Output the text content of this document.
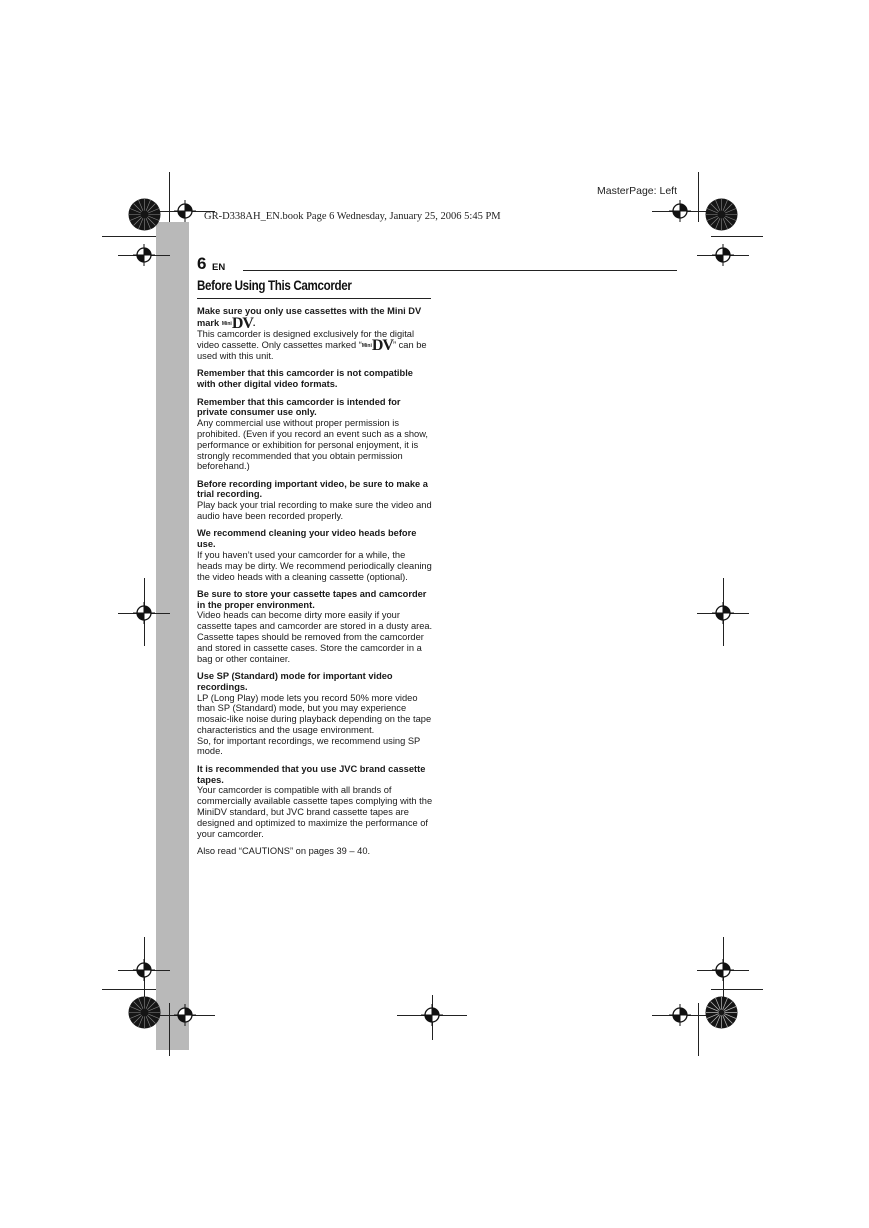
MasterPage: Left
GR-D338AH_EN.book Page 6 Wednesday, January 25, 2006 5:45 PM
6 EN
Before Using This Camcorder
Make sure you only use cassettes with the Mini DV mark $^{Mini}$DV.
This camcorder is designed exclusively for the digital video cassette. Only cassettes marked “$^{Mini}$DV” can be used with this unit.
Remember that this camcorder is not compatible with other digital video formats.
Remember that this camcorder is intended for private consumer use only.
Any commercial use without proper permission is prohibited. (Even if you record an event such as a show, performance or exhibition for personal enjoyment, it is strongly recommended that you obtain permission beforehand.)
Before recording important video, be sure to make a trial recording.
Play back your trial recording to make sure the video and audio have been recorded properly.
We recommend cleaning your video heads before use.
If you haven’t used your camcorder for a while, the heads may be dirty. We recommend periodically cleaning the video heads with a cleaning cassette (optional).
Be sure to store your cassette tapes and camcorder in the proper environment.
Video heads can become dirty more easily if your cassette tapes and camcorder are stored in a dusty area. Cassette tapes should be removed from the camcorder and stored in cassette cases. Store the camcorder in a bag or other container.
Use SP (Standard) mode for important video recordings.
LP (Long Play) mode lets you record 50% more video than SP (Standard) mode, but you may experience mosaic-like noise during playback depending on the tape characteristics and the usage environment.
So, for important recordings, we recommend using SP mode.
It is recommended that you use JVC brand cassette tapes.
Your camcorder is compatible with all brands of commercially available cassette tapes complying with the MiniDV standard, but JVC brand cassette tapes are designed and optimized to maximize the performance of your camcorder.
Also read “CAUTIONS” on pages 39 – 40.
